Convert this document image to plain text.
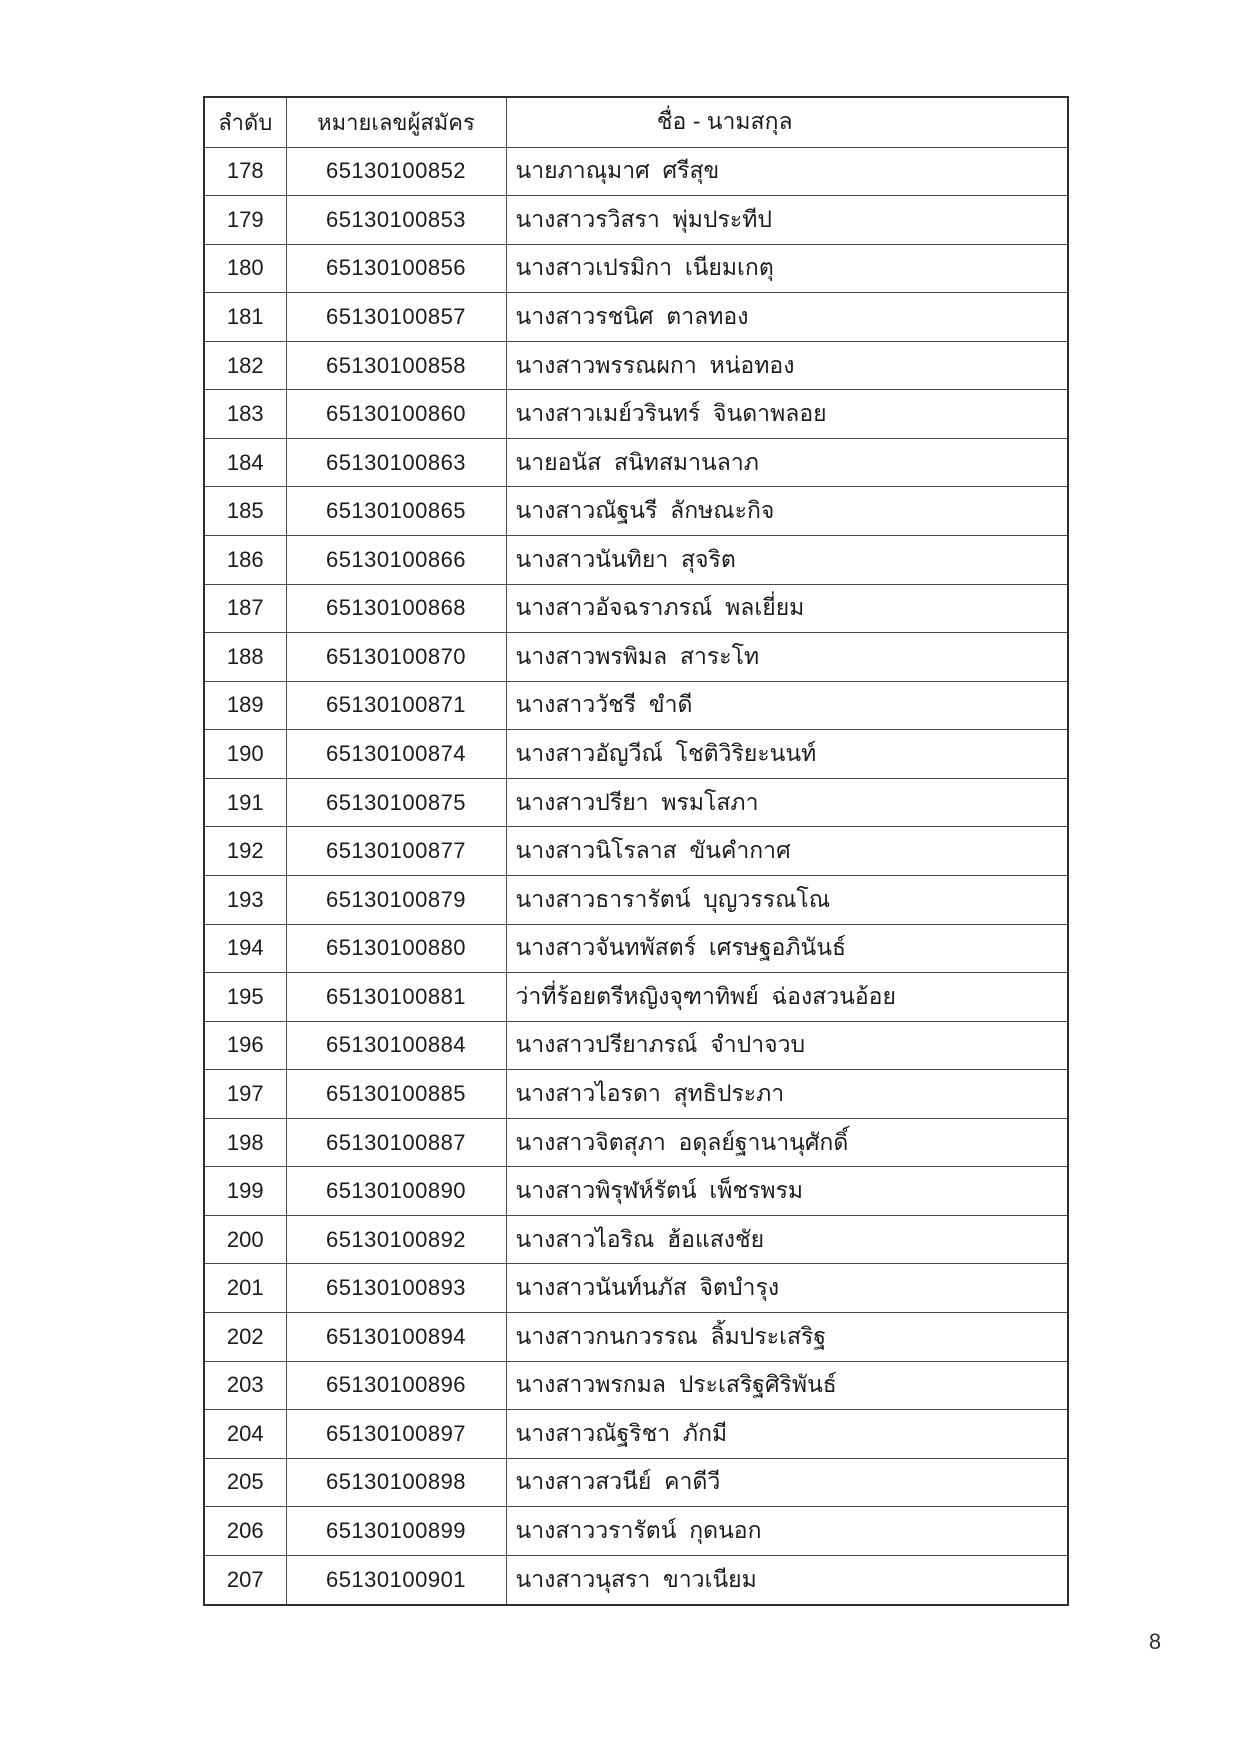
ลำดับ	หมายเลขผู้สมัคร	ชื่อ - นามสกุล
178	65130100852	นายภาณุมาศ  ศรีสุข
179	65130100853	นางสาวรวิสรา  พุ่มประทีป
180	65130100856	นางสาวเปรมิกา  เนียมเกตุ
181	65130100857	นางสาวรชนิศ  ตาลทอง
182	65130100858	นางสาวพรรณผกา  หน่อทอง
183	65130100860	นางสาวเมย์วรินทร์  จินดาพลอย
184	65130100863	นายอนัส  สนิทสมานลาภ
185	65130100865	นางสาวณัฐนรี  ลักษณะกิจ
186	65130100866	นางสาวนันทิยา  สุจริต
187	65130100868	นางสาวอัจฉราภรณ์  พลเยี่ยม
188	65130100870	นางสาวพรพิมล  สาระโท
189	65130100871	นางสาววัชรี  ขำดี
190	65130100874	นางสาวอัญวีณ์  โชติวิริยะนนท์
191	65130100875	นางสาวปรียา  พรมโสภา
192	65130100877	นางสาวนิโรลาส  ขันคำกาศ
193	65130100879	นางสาวธารารัตน์  บุญวรรณโณ
194	65130100880	นางสาวจันทพัสตร์  เศรษฐอภินันธ์
195	65130100881	ว่าที่ร้อยตรีหญิงจุฑาทิพย์  ฉ่องสวนอ้อย
196	65130100884	นางสาวปรียาภรณ์  จำปาจวบ
197	65130100885	นางสาวไอรดา  สุทธิประภา
198	65130100887	นางสาวจิตสุภา  อดุลย์ฐานานุศักดิ์
199	65130100890	นางสาวพิรุฬห์รัตน์  เพ็ชรพรม
200	65130100892	นางสาวไอริณ  ฮ้อแสงชัย
201	65130100893	นางสาวนันท์นภัส  จิตบำรุง
202	65130100894	นางสาวกนกวรรณ  ลิ้มประเสริฐ
203	65130100896	นางสาวพรกมล  ประเสริฐศิริพันธ์
204	65130100897	นางสาวณัฐริชา  ภักมี
205	65130100898	นางสาวสวนีย์  คาดีวี
206	65130100899	นางสาววรารัตน์  กุดนอก
207	65130100901	นางสาวนุสรา  ขาวเนียม
8
